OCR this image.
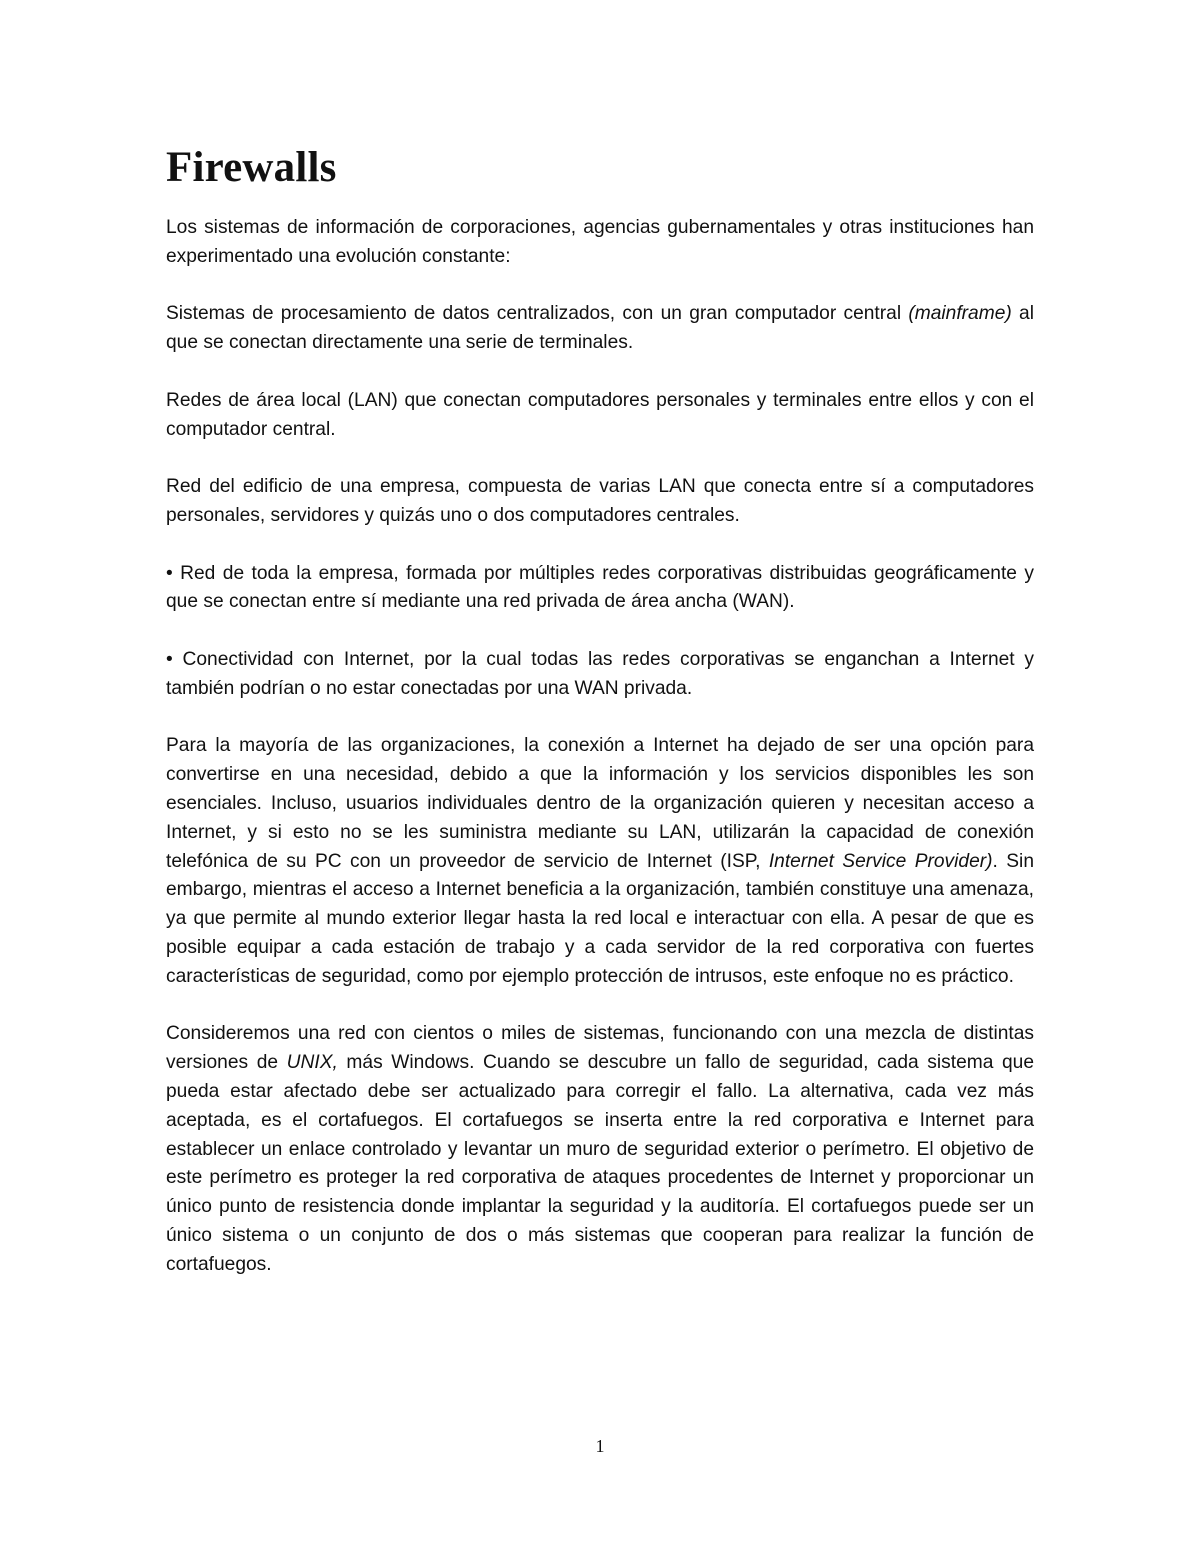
Firewalls

Los sistemas de información de corporaciones, agencias gubernamentales y otras instituciones han experimentado una evolución constante:

Sistemas de procesamiento de datos centralizados, con un gran computador central (mainframe) al que se conectan directamente una serie de terminales.

Redes de área local (LAN) que conectan computadores personales y terminales entre ellos y con el computador central.

Red del edificio de una empresa, compuesta de varias LAN que conecta entre sí a computadores personales, servidores y quizás uno o dos computadores centrales.

• Red de toda la empresa, formada por múltiples redes corporativas distribuidas geográficamente y que se conectan entre sí mediante una red privada de área ancha (WAN).

• Conectividad con Internet, por la cual todas las redes corporativas se enganchan a Internet y también podrían o no estar conectadas por una WAN privada.

Para la mayoría de las organizaciones, la conexión a Internet ha dejado de ser una opción para convertirse en una necesidad, debido a que la información y los servicios disponibles les son esenciales. Incluso, usuarios individuales dentro de la organización quieren y necesitan acceso a Internet, y si esto no se les suministra mediante su LAN, utilizarán la capacidad de conexión telefónica de su PC con un proveedor de servicio de Internet (ISP, Internet Service Provider). Sin embargo, mientras el acceso a Internet beneficia a la organización, también constituye una amenaza, ya que permite al mundo exterior llegar hasta la red local e interactuar con ella. A pesar de que es posible equipar a cada estación de trabajo y a cada servidor de la red corporativa con fuertes características de seguridad, como por ejemplo protección de intrusos, este enfoque no es práctico.

Consideremos una red con cientos o miles de sistemas, funcionando con una mezcla de distintas versiones de UNIX, más Windows. Cuando se descubre un fallo de seguridad, cada sistema que pueda estar afectado debe ser actualizado para corregir el fallo. La alternativa, cada vez más aceptada, es el cortafuegos. El cortafuegos se inserta entre la red corporativa e Internet para establecer un enlace controlado y levantar un muro de seguridad exterior o perímetro. El objetivo de este perímetro es proteger la red corporativa de ataques procedentes de Internet y proporcionar un único punto de resistencia donde implantar la seguridad y la auditoría. El cortafuegos puede ser un único sistema o un conjunto de dos o más sistemas que cooperan para realizar la función de cortafuegos.

1
